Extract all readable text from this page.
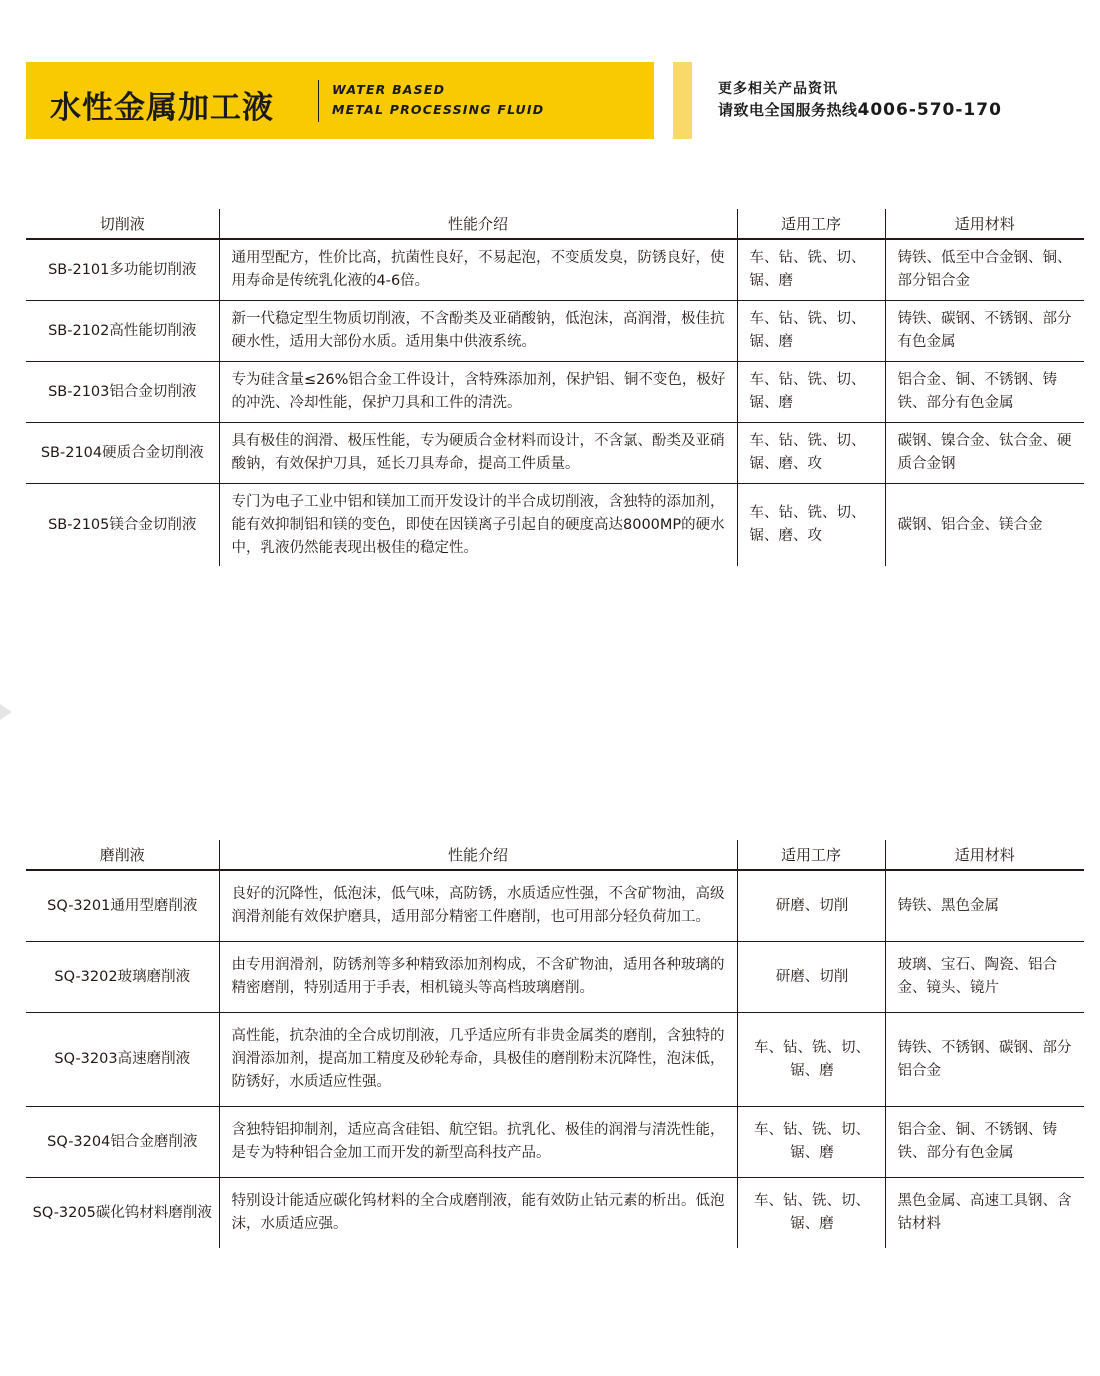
水性金属加工液
WATER BASED
METAL PROCESSING FLUID
更多相关产品资讯
请致电全国服务热线4006-570-170
切削液	性能介绍	适用工序	适用材料
SB-2101多功能切削液	通用型配方，性价比高，抗菌性良好，不易起泡，不变质发臭，防锈良好，使用寿命是传统乳化液的4-6倍。	车、钻、铣、切、锯、磨	铸铁、低至中合金钢、铜、部分铝合金
SB-2102高性能切削液	新一代稳定型生物质切削液，不含酚类及亚硝酸钠，低泡沫，高润滑，极佳抗硬水性，适用大部份水质。适用集中供液系统。	车、钻、铣、切、锯、磨	铸铁、碳钢、不锈钢、部分有色金属
SB-2103铝合金切削液	专为硅含量≤26%铝合金工件设计，含特殊添加剂，保护铝、铜不变色，极好的冲洗、冷却性能，保护刀具和工件的清洗。	车、钻、铣、切、锯、磨	铝合金、铜、不锈钢、铸铁、部分有色金属
SB-2104硬质合金切削液	具有极佳的润滑、极压性能，专为硬质合金材料而设计，不含氯、酚类及亚硝酸钠，有效保护刀具，延长刀具寿命，提高工件质量。	车、钻、铣、切、锯、磨、攻	碳钢、镍合金、钛合金、硬质合金钢
SB-2105镁合金切削液	专门为电子工业中铝和镁加工而开发设计的半合成切削液，含独特的添加剂，能有效抑制铝和镁的变色，即使在因镁离子引起自的硬度高达8000MP的硬水中，乳液仍然能表现出极佳的稳定性。	车、钻、铣、切、锯、磨、攻	碳钢、铝合金、镁合金
磨削液	性能介绍	适用工序	适用材料
SQ-3201通用型磨削液	良好的沉降性，低泡沫，低气味，高防锈，水质适应性强，不含矿物油，高级润滑剂能有效保护磨具，适用部分精密工件磨削，也可用部分轻负荷加工。	研磨、切削	铸铁、黑色金属
SQ-3202玻璃磨削液	由专用润滑剂，防锈剂等多种精致添加剂构成，不含矿物油，适用各种玻璃的精密磨削，特别适用于手表，相机镜头等高档玻璃磨削。	研磨、切削	玻璃、宝石、陶瓷、铝合金、镜头、镜片
SQ-3203高速磨削液	高性能，抗杂油的全合成切削液，几乎适应所有非贵金属类的磨削，含独特的润滑添加剂，提高加工精度及砂轮寿命，具极佳的磨削粉末沉降性，泡沫低，防锈好，水质适应性强。	车、钻、铣、切、锯、磨	铸铁、不锈钢、碳钢、部分铝合金
SQ-3204铝合金磨削液	含独特铝抑制剂，适应高含硅铝、航空铝。抗乳化、极佳的润滑与清洗性能，是专为特种铝合金加工而开发的新型高科技产品。	车、钻、铣、切、锯、磨	铝合金、铜、不锈钢、铸铁、部分有色金属
SQ-3205碳化钨材料磨削液	特别设计能适应碳化钨材料的全合成磨削液，能有效防止钴元素的析出。低泡沫，水质适应强。	车、钻、铣、切、锯、磨	黑色金属、高速工具钢、含钴材料
